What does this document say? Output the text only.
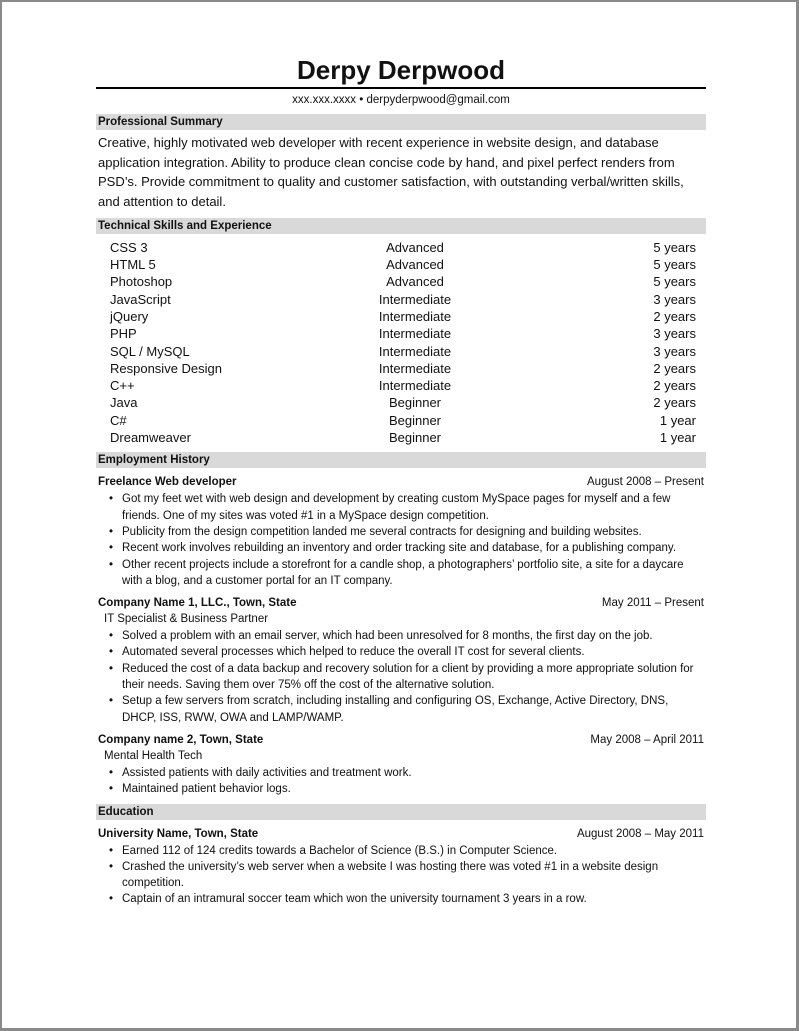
Derpy Derpwood
xxx.xxx.xxxx • derpyderpwood@gmail.com
Professional Summary

Creative, highly motivated web developer with recent experience in website design, and database application integration. Ability to produce clean concise code by hand, and pixel perfect renders from PSD’s. Provide commitment to quality and customer satisfaction, with outstanding verbal/written skills, and attention to detail.

Technical Skills and Experience
CSS 3	Advanced	5 years
HTML 5	Advanced	5 years
Photoshop	Advanced	5 years
JavaScript	Intermediate	3 years
jQuery	Intermediate	2 years
PHP	Intermediate	3 years
SQL / MySQL	Intermediate	3 years
Responsive Design	Intermediate	2 years
C++	Intermediate	2 years
Java	Beginner	2 years
C#	Beginner	1 year
Dreamweaver	Beginner	1 year
Employment History
Freelance Web developer	August 2008 – Present
• Got my feet wet with web design and development by creating custom MySpace pages for myself and a few friends. One of my sites was voted #1 in a MySpace design competition.
• Publicity from the design competition landed me several contracts for designing and building websites.
• Recent work involves rebuilding an inventory and order tracking site and database, for a publishing company.
• Other recent projects include a storefront for a candle shop, a photographers’ portfolio site, a site for a daycare with a blog, and a customer portal for an IT company.
Company Name 1, LLC., Town, State	May 2011 – Present
IT Specialist & Business Partner
• Solved a problem with an email server, which had been unresolved for 8 months, the first day on the job.
• Automated several processes which helped to reduce the overall IT cost for several clients.
• Reduced the cost of a data backup and recovery solution for a client by providing a more appropriate solution for their needs. Saving them over 75% off the cost of the alternative solution.
• Setup a few servers from scratch, including installing and configuring OS, Exchange, Active Directory, DNS, DHCP, ISS, RWW, OWA and LAMP/WAMP.
Company name 2, Town, State	May 2008 – April 2011
Mental Health Tech
• Assisted patients with daily activities and treatment work.
• Maintained patient behavior logs.
Education
University Name, Town, State	August 2008 – May 2011
• Earned 112 of 124 credits towards a Bachelor of Science (B.S.) in Computer Science.
• Crashed the university’s web server when a website I was hosting there was voted #1 in a website design competition.
• Captain of an intramural soccer team which won the university tournament 3 years in a row.
